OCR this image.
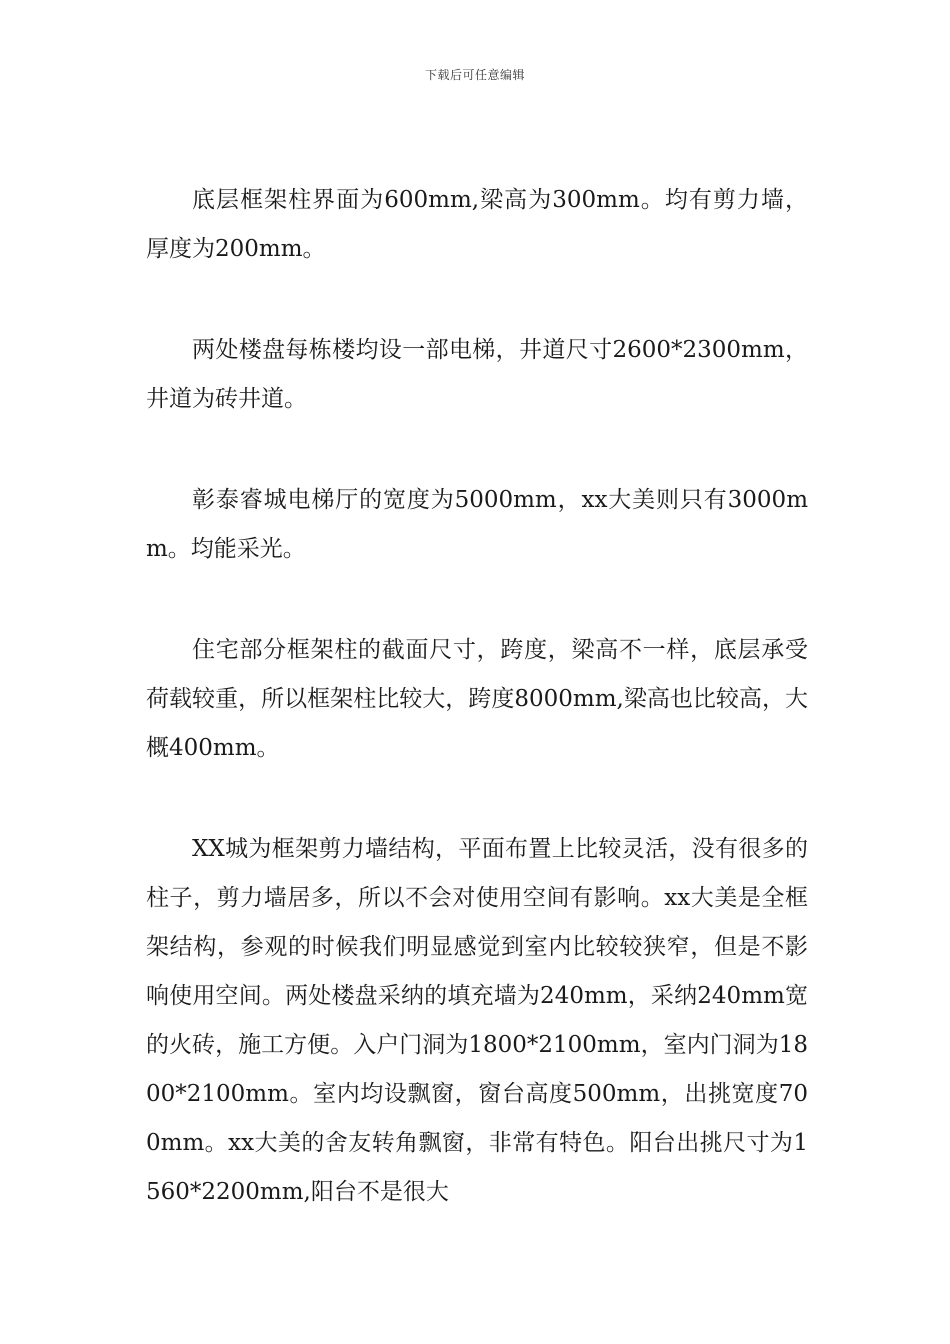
下载后可任意编辑

底层框架柱界面为600mm,梁高为300mm。均有剪力墙，厚度为200mm。

两处楼盘每栋楼均设一部电梯，井道尺寸2600*2300mm，井道为砖井道。

彰泰睿城电梯厅的宽度为5000mm，xx大美则只有3000mm。均能采光。

住宅部分框架柱的截面尺寸，跨度，梁高不一样，底层承受荷载较重，所以框架柱比较大，跨度8000mm,梁高也比较高，大概400mm。

XX城为框架剪力墙结构，平面布置上比较灵活，没有很多的柱子，剪力墙居多，所以不会对使用空间有影响。xx大美是全框架结构，参观的时候我们明显感觉到室内比较较狭窄，但是不影响使用空间。两处楼盘采纳的填充墙为240mm，采纳240mm宽的火砖，施工方便。入户门洞为1800*2100mm，室内门洞为1800*2100mm。室内均设飘窗，窗台高度500mm，出挑宽度700mm。xx大美的舍友转角飘窗，非常有特色。阳台出挑尺寸为1560*2200mm,阳台不是很大
